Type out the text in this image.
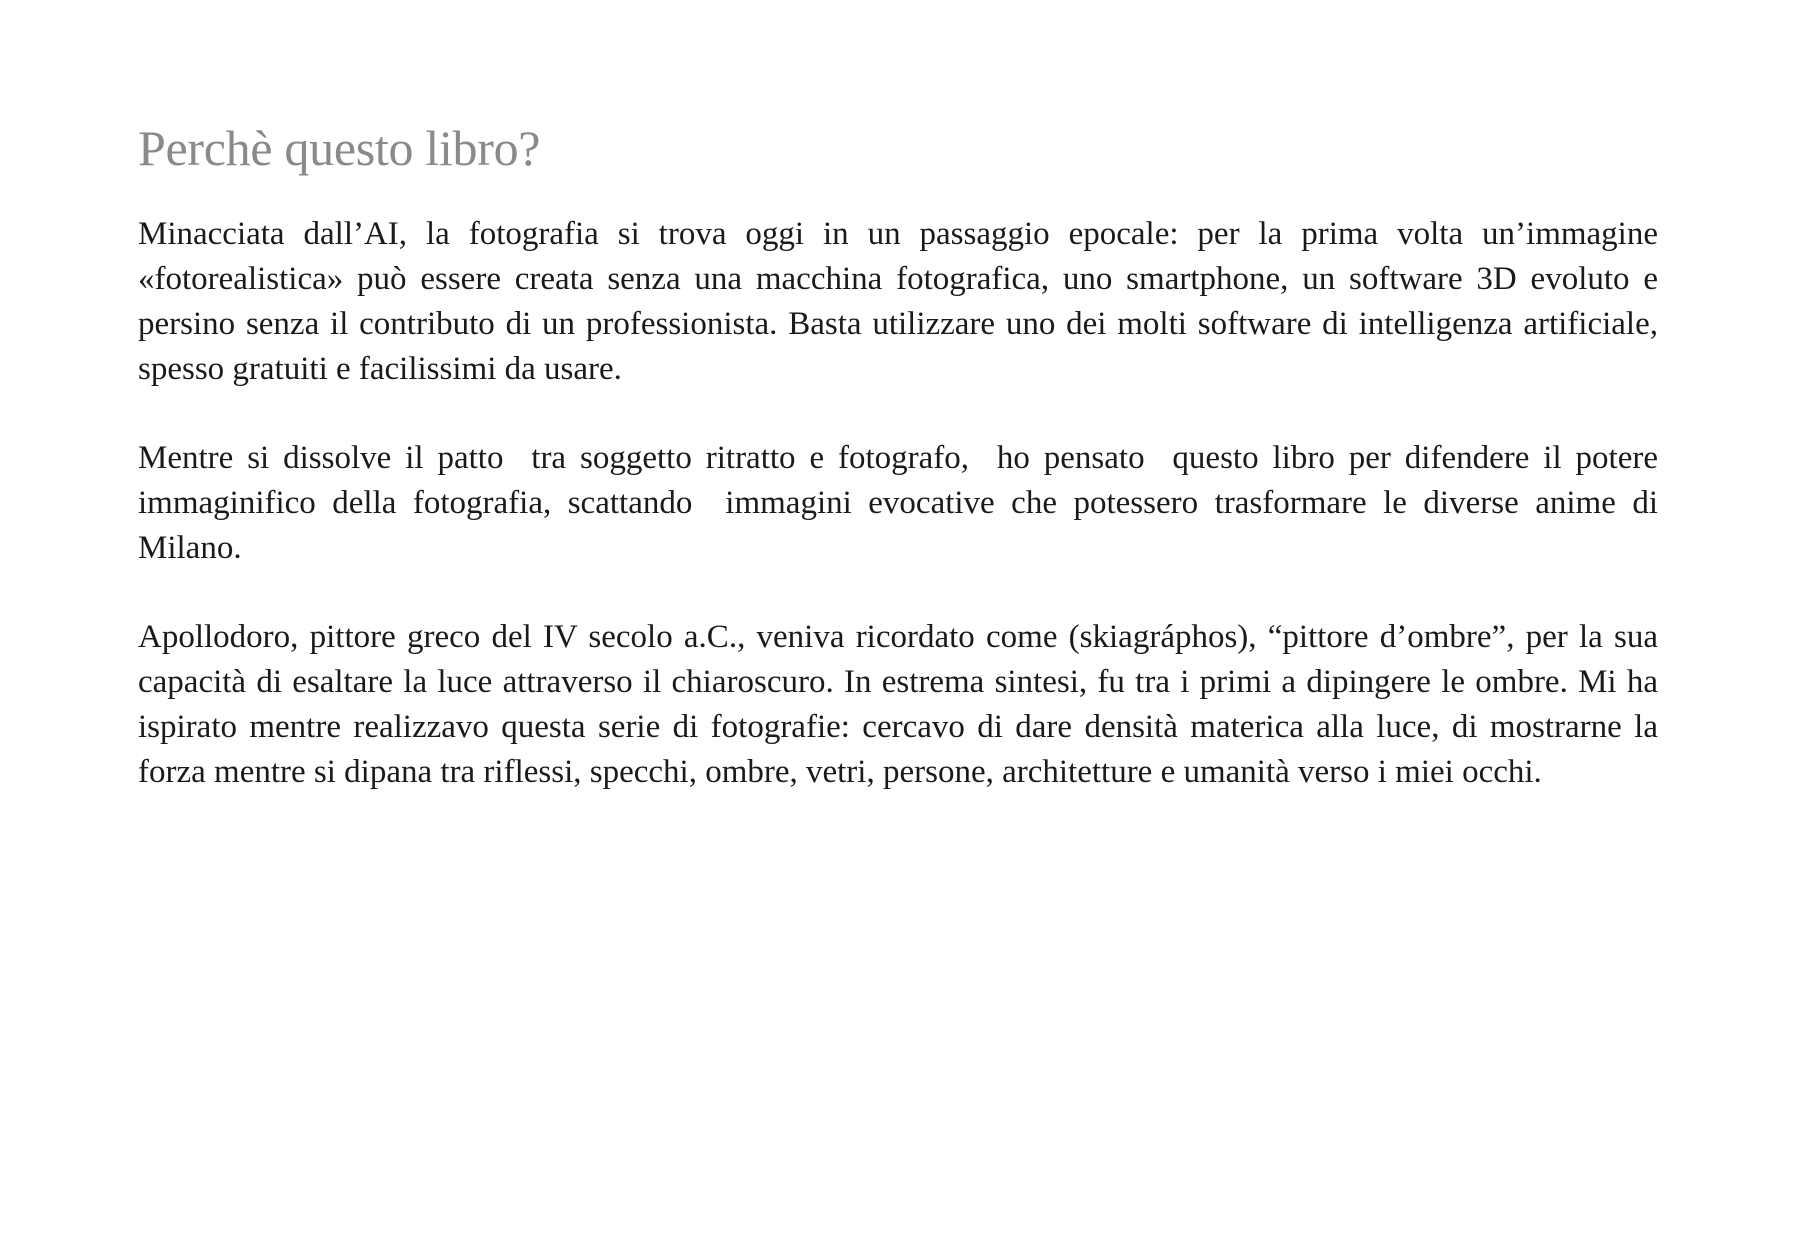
Perchè questo libro?

Minacciata dall’AI, la fotografia si trova oggi in un passaggio epocale: per la prima volta un’immagine «fotorealistica» può essere creata senza una macchina fotografica, uno smartphone, un software 3D evoluto e persino senza il contributo di un professionista. Basta utilizzare uno dei molti software di intelligenza artificiale, spesso gratuiti e facilissimi da usare.

Mentre si dissolve il patto  tra soggetto ritratto e fotografo,  ho pensato  questo libro per difendere il potere immaginifico della fotografia, scattando  immagini evocative che potessero trasformare le diverse anime di Milano.

Apollodoro, pittore greco del IV secolo a.C., veniva ricordato come (skiagráphos), “pittore d’ombre”, per la sua capacità di esaltare la luce attraverso il chiaroscuro. In estrema sintesi, fu tra i primi a dipingere le ombre. Mi ha ispirato mentre realizzavo questa serie di fotografie: cercavo di dare densità materica alla luce, di mostrarne la forza mentre si dipana tra riflessi, specchi, ombre, vetri, persone, architetture e umanità verso i miei occhi.
